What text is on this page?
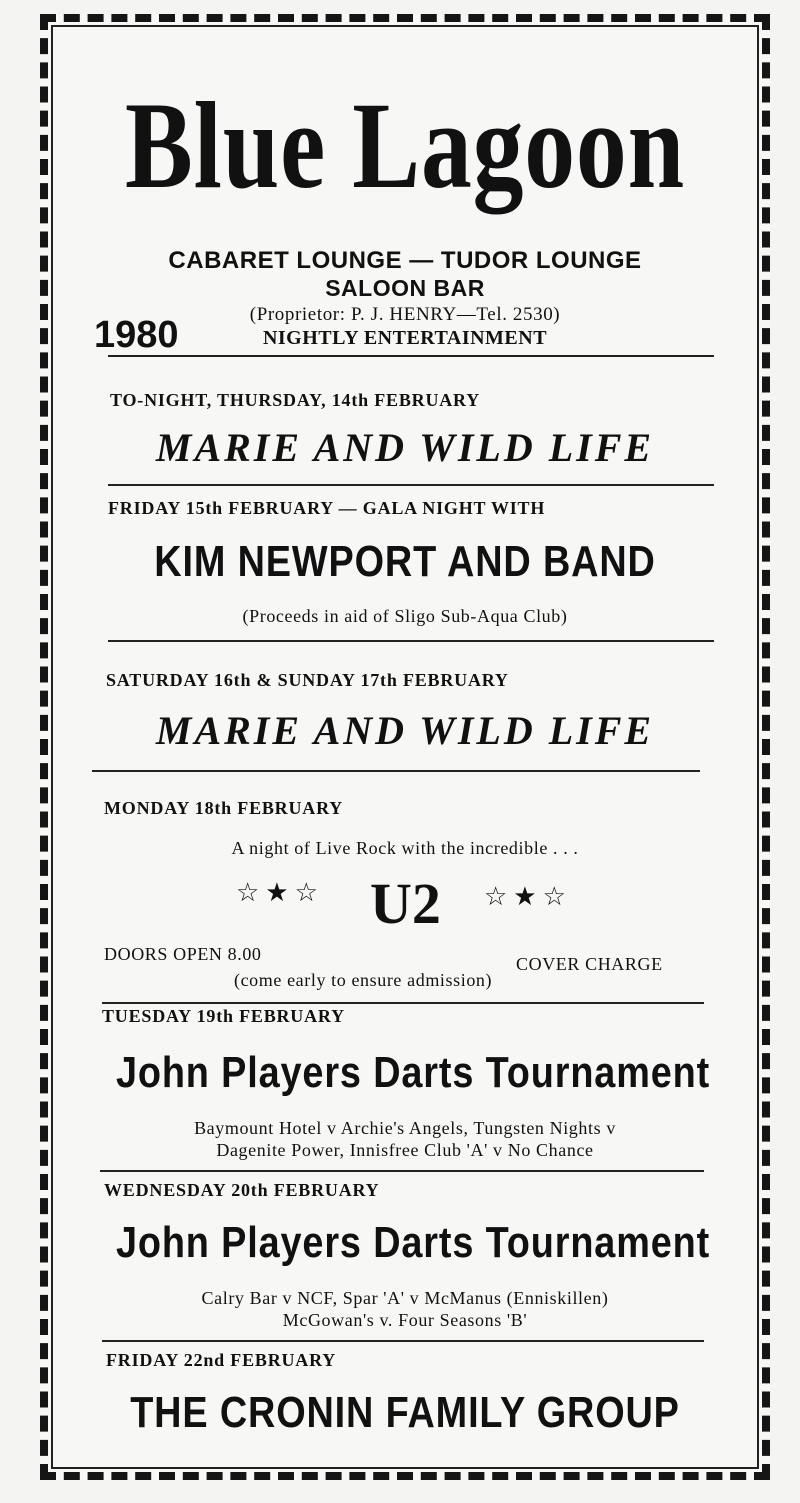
Blue Lagoon
CABARET LOUNGE — TUDOR LOUNGE
SALOON BAR
(Proprietor: P. J. HENRY—Tel. 2530)
NIGHTLY ENTERTAINMENT
1980
TO-NIGHT, THURSDAY, 14th FEBRUARY
MARIE AND WILD LIFE
FRIDAY 15th FEBRUARY — GALA NIGHT WITH
KIM NEWPORT AND BAND
(Proceeds in aid of Sligo Sub-Aqua Club)
SATURDAY 16th & SUNDAY 17th FEBRUARY
MARIE AND WILD LIFE
MONDAY 18th FEBRUARY
A night of Live Rock with the incredible . . .
☆★☆ U2 ☆★☆
DOORS OPEN 8.00	COVER CHARGE
(come early to ensure admission)
TUESDAY 19th FEBRUARY
John Players Darts Tournament
Baymount Hotel v Archie's Angels, Tungsten Nights v
Dagenite Power, Innisfree Club 'A' v No Chance
WEDNESDAY 20th FEBRUARY
John Players Darts Tournament
Calry Bar v NCF, Spar 'A' v McManus (Enniskillen)
McGowan's v. Four Seasons 'B'
FRIDAY 22nd FEBRUARY
THE CRONIN FAMILY GROUP
